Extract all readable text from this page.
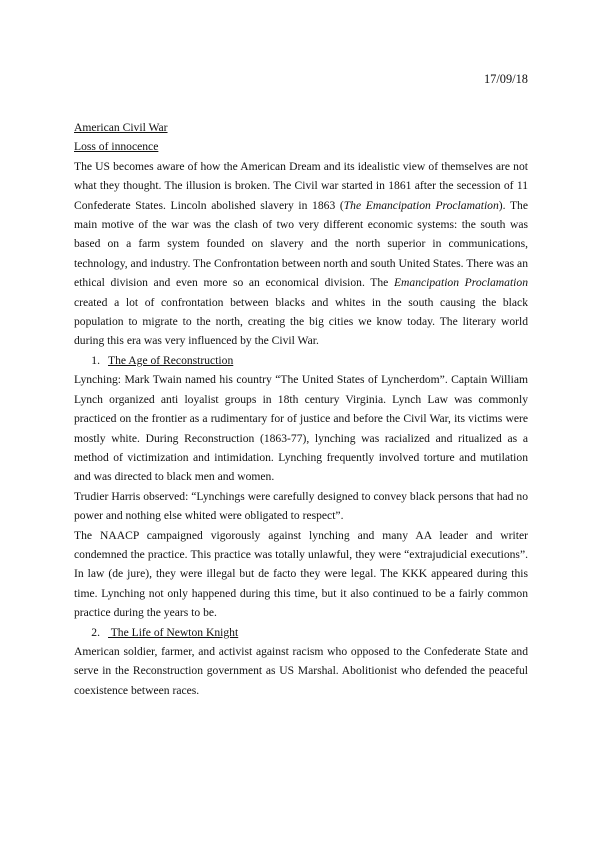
17/09/18

American Civil War

Loss of innocence

The US becomes aware of how the American Dream and its idealistic view of themselves are not what they thought. The illusion is broken. The Civil war started in 1861 after the secession of 11 Confederate States. Lincoln abolished slavery in 1863 (The Emancipation Proclamation). The main motive of the war was the clash of two very different economic systems: the south was based on a farm system founded on slavery and the north superior in communications, technology, and industry. The Confrontation between north and south United States. There was an ethical division and even more so an economical division. The Emancipation Proclamation created a lot of confrontation between blacks and whites in the south causing the black population to migrate to the north, creating the big cities we know today. The literary world during this era was very influenced by the Civil War.

1. The Age of Reconstruction

Lynching: Mark Twain named his country “The United States of Lyncherdom”. Captain William Lynch organized anti loyalist groups in 18th century Virginia. Lynch Law was commonly practiced on the frontier as a rudimentary for of justice and before the Civil War, its victims were mostly white. During Reconstruction (1863-77), lynching was racialized and ritualized as a method of victimization and intimidation. Lynching frequently involved torture and mutilation and was directed to black men and women.

Trudier Harris observed: “Lynchings were carefully designed to convey black persons that had no power and nothing else whited were obligated to respect”.

The NAACP campaigned vigorously against lynching and many AA leader and writer condemned the practice. This practice was totally unlawful, they were “extrajudicial executions”. In law (de jure), they were illegal but de facto they were legal. The KKK appeared during this time. Lynching not only happened during this time, but it also continued to be a fairly common practice during the years to be.

2. The Life of Newton Knight

American soldier, farmer, and activist against racism who opposed to the Confederate State and serve in the Reconstruction government as US Marshal. Abolitionist who defended the peaceful coexistence between races.
